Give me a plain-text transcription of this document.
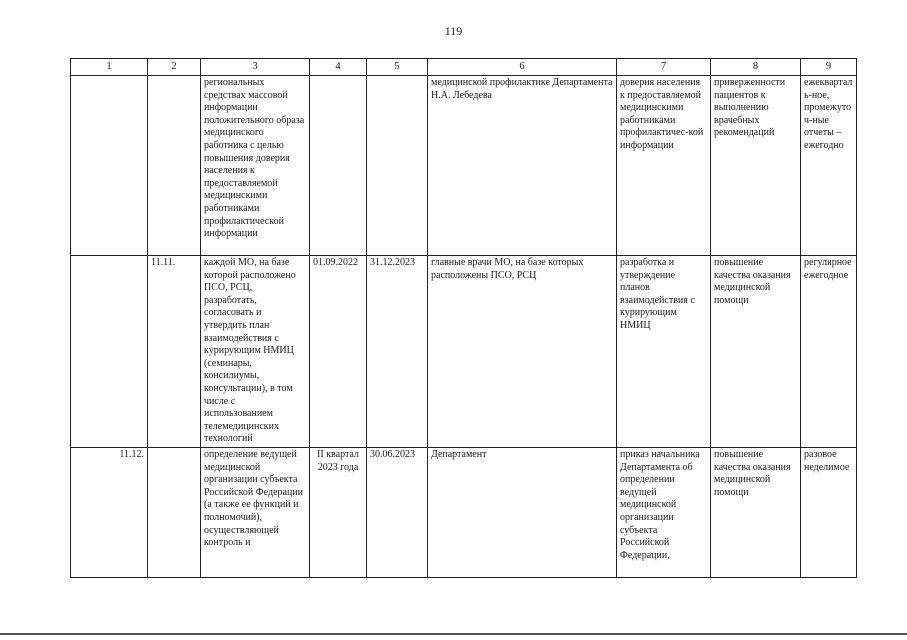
119
1	2	3	4	5	6	7	8	9
		региональных средствах массовой информации положительного образа медицинского работника с целью повышения доверия населения к предоставляемой медицинскими работниками профилактической информации			медицинской профилактике Департамента Н.А. Лебедева	доверия населения к предоставляемой медицинскими работниками профилактичес-кой информации	приверженности пациентов к выполнению врачебных рекомендаций	ежекварталь-ное, промежуточ-ные отчеты – ежегодно
	11.11.	каждой МО, на базе которой расположено ПСО, РСЦ, разработать, согласовать и утвердить план взаимодействия с курирующим НМИЦ (семинары, консилиумы, консультации), в том числе с использованием телемедицинских технологий	01.09.2022	31.12.2023	главные врачи МО, на базе которых расположены ПСО, РСЦ	разработка и утверждение планов взаимодействия с курирующим НМИЦ	повышение качества оказания медицинской помощи	регулярное ежегодное
11.12.		определение ведущей медицинской организации субъекта Российской Федерации (а также ее функций и полномочий), осуществляющей контроль и	II квартал 2023 года	30.06.2023	Департамент	приказ начальника Департамента об определении ведущей медицинской организации субъекта Российской Федерации,	повышение качества оказания медицинской помощи	разовое неделимое
